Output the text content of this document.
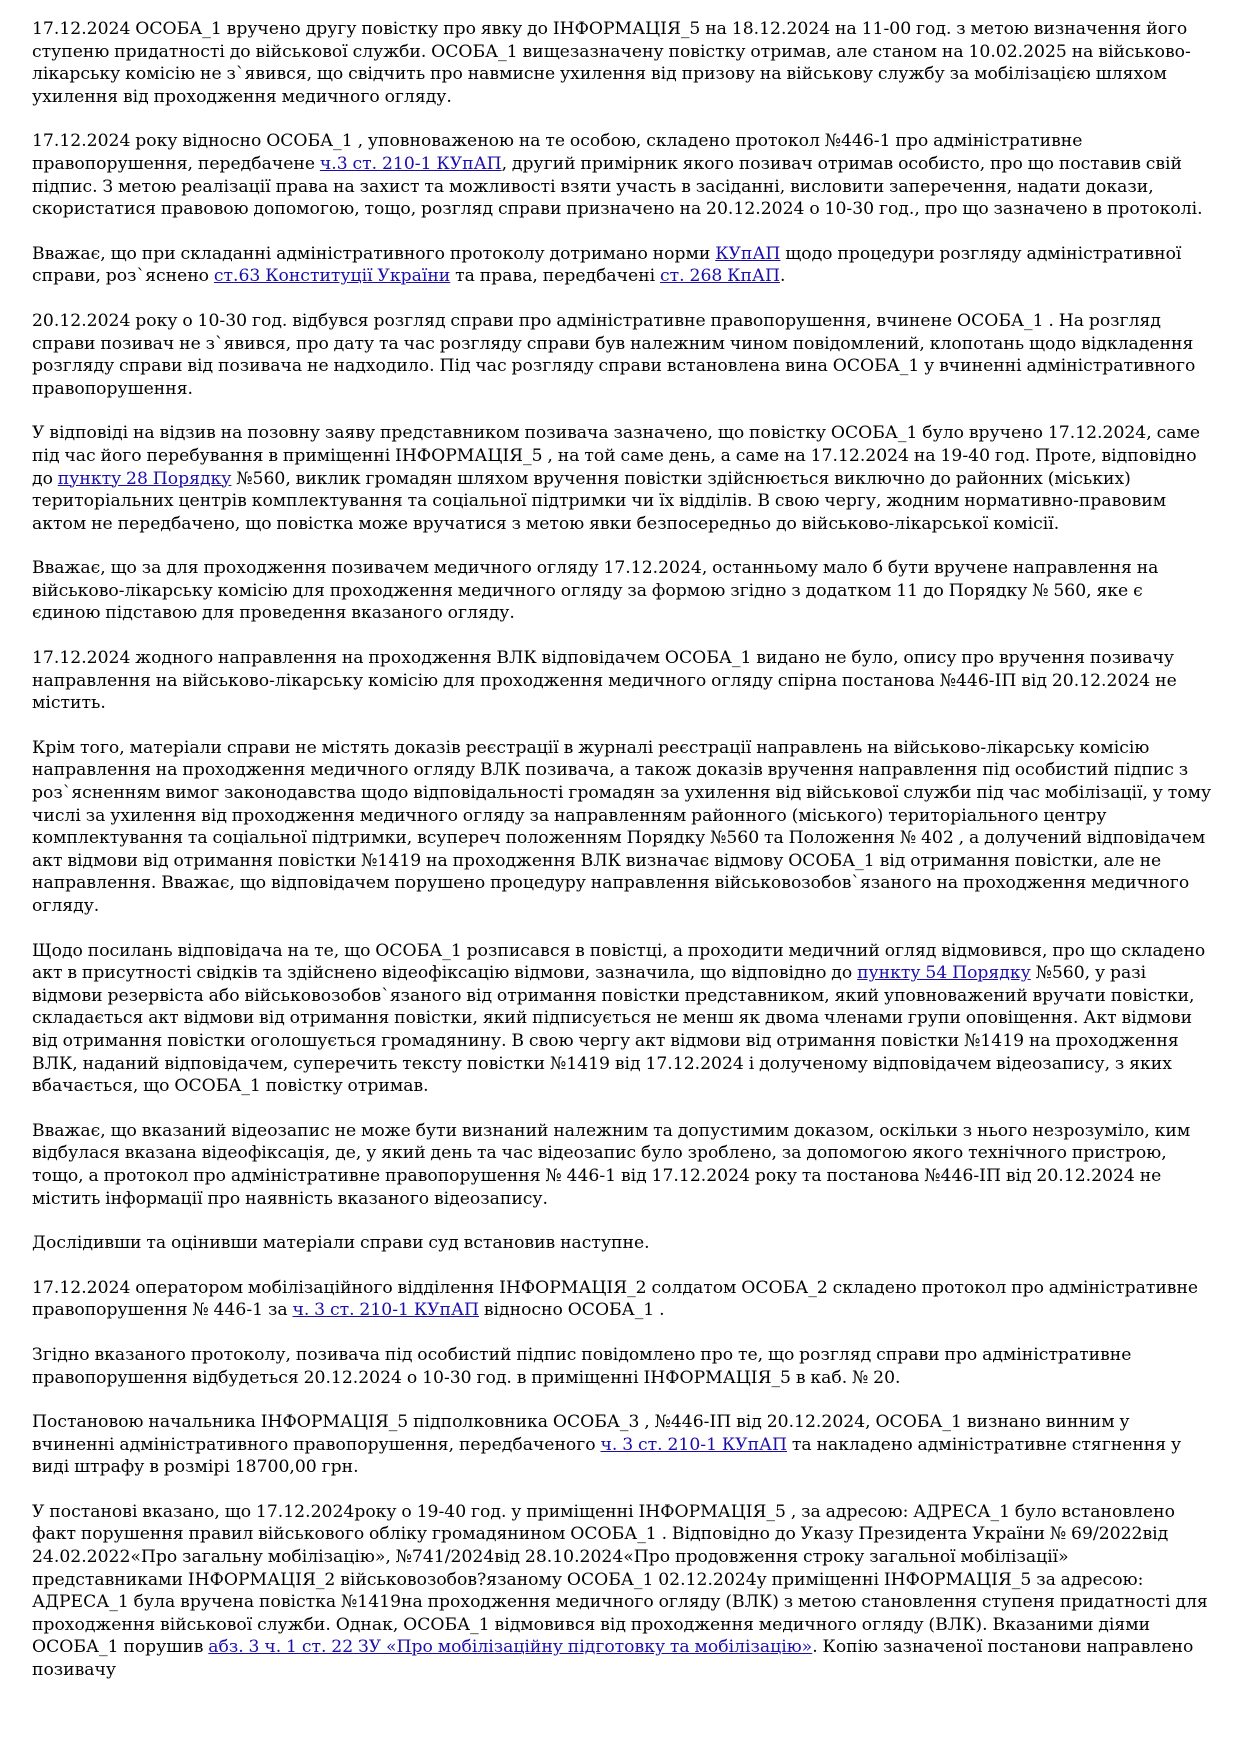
17.12.2024 ОСОБА_1 вручено другу повістку про явку до ІНФОРМАЦІЯ_5 на 18.12.2024 на 11-00 год. з метою визначення його ступеню придатності до військової служби. ОСОБА_1 вищезазначену повістку отримав, але станом на 10.02.2025 на військово- лікарську комісію не з`явився, що свідчить про навмисне ухилення від призову на військову службу за мобілізацією шляхом ухилення від проходження медичного огляду.

17.12.2024 року відносно ОСОБА_1 , уповноваженою на те особою, складено протокол №446-1 про адміністративне правопорушення, передбачене ч.3 ст. 210-1 КУпАП, другий примірник якого позивач отримав особисто, про що поставив свій підпис. З метою реалізації права на захист та можливості взяти участь в засіданні, висловити заперечення, надати докази, скористатися правовою допомогою, тощо, розгляд справи призначено на 20.12.2024 о 10-30 год., про що зазначено в протоколі.

Вважає, що при складанні адміністративного протоколу дотримано норми КУпАП щодо процедури розгляду адміністративної справи, роз`яснено ст.63 Конституції України та права, передбачені ст. 268 КпАП.

20.12.2024 року о 10-30 год. відбувся розгляд справи про адміністративне правопорушення, вчинене ОСОБА_1 . На розгляд справи позивач не з`явився, про дату та час розгляду справи був належним чином повідомлений, клопотань щодо відкладення розгляду справи від позивача не надходило. Під час розгляду справи встановлена вина ОСОБА_1 у вчиненні адміністративного правопорушення.

У відповіді на відзив на позовну заяву представником позивача зазначено, що повістку ОСОБА_1 було вручено 17.12.2024, саме під час його перебування в приміщенні ІНФОРМАЦІЯ_5 , на той саме день, а саме на 17.12.2024 на 19-40 год. Проте, відповідно до пункту 28 Порядку №560, виклик громадян шляхом вручення повістки здійснюється виключно до районних (міських) територіальних центрів комплектування та соціальної підтримки чи їх відділів. В свою чергу, жодним нормативно-правовим актом не передбачено, що повістка може вручатися з метою явки безпосередньо до військово-лікарської комісії.

Вважає, що за для проходження позивачем медичного огляду 17.12.2024, останньому мало б бути вручене направлення на військово-лікарську комісію для проходження медичного огляду за формою згідно з додатком 11 до Порядку № 560, яке є єдиною підставою для проведення вказаного огляду.

17.12.2024 жодного направлення на проходження ВЛК відповідачем ОСОБА_1 видано не було, опису про вручення позивачу направлення на військово-лікарську комісію для проходження медичного огляду спірна постанова №446-ІП від 20.12.2024 не містить.

Крім того, матеріали справи не містять доказів реєстрації в журналі реєстрації направлень на військово-лікарську комісію направлення на проходження медичного огляду ВЛК позивача, а також доказів вручення направлення під особистий підпис з роз`ясненням вимог законодавства щодо відповідальності громадян за ухилення від військової служби під час мобілізації, у тому числі за ухилення від проходження медичного огляду за направленням районного (міського) територіального центру комплектування та соціальної підтримки, всупереч положенням Порядку №560 та Положення № 402 , а долучений відповідачем акт відмови від отримання повістки №1419 на проходження ВЛК визначає відмову ОСОБА_1 від отримання повістки, але не направлення. Вважає, що відповідачем порушено процедуру направлення військовозобов`язаного на проходження медичного огляду.

Щодо посилань відповідача на те, що ОСОБА_1 розписався в повістці, а проходити медичний огляд відмовився, про що складено акт в присутності свідків та здійснено відеофіксацію відмови, зазначила, що відповідно до пункту 54 Порядку №560, у разі відмови резервіста або військовозобов`язаного від отримання повістки представником, який уповноважений вручати повістки, складається акт відмови від отримання повістки, який підписується не менш як двома членами групи оповіщення. Акт відмови від отримання повістки оголошується громадянину. В свою чергу акт відмови від отримання повістки №1419 на проходження ВЛК, наданий відповідачем, суперечить тексту повістки №1419 від 17.12.2024 і долученому відповідачем відеозапису, з яких вбачається, що ОСОБА_1 повістку отримав.

Вважає, що вказаний відеозапис не може бути визнаний належним та допустимим доказом, оскільки з нього незрозуміло, ким відбулася вказана відеофіксація, де, у який день та час відеозапис було зроблено, за допомогою якого технічного пристрою, тощо, а протокол про адміністративне правопорушення № 446-1 від 17.12.2024 року та постанова №446-ІП від 20.12.2024 не містить інформації про наявність вказаного відеозапису.

Дослідивши та оцінивши матеріали справи суд встановив наступне.

17.12.2024 оператором мобілізаційного відділення ІНФОРМАЦІЯ_2 солдатом ОСОБА_2 складено протокол про адміністративне правопорушення № 446-1 за ч. 3 ст. 210-1 КУпАП відносно ОСОБА_1 .

Згідно вказаного протоколу, позивача під особистий підпис повідомлено про те, що розгляд справи про адміністративне правопорушення відбудеться 20.12.2024 о 10-30 год. в приміщенні ІНФОРМАЦІЯ_5 в каб. № 20.

Постановою начальника ІНФОРМАЦІЯ_5 підполковника ОСОБА_3 , №446-ІП від 20.12.2024, ОСОБА_1 визнано винним у вчиненні адміністративного правопорушення, передбаченого ч. 3 ст. 210-1 КУпАП та накладено адміністративне стягнення у виді штрафу в розмірі 18700,00 грн.

У постанові вказано, що 17.12.2024року о 19-40 год. у приміщенні ІНФОРМАЦІЯ_5 , за адресою: АДРЕСА_1 було встановлено факт порушення правил військового обліку громадянином ОСОБА_1 . Відповідно до Указу Президента України № 69/2022від 24.02.2022«Про загальну мобілізацію», №741/2024від 28.10.2024«Про продовження строку загальної мобілізації» представниками ІНФОРМАЦІЯ_2 військовозобов?язаному ОСОБА_1 02.12.2024у приміщенні ІНФОРМАЦІЯ_5 за адресою: АДРЕСА_1 була вручена повістка №1419на проходження медичного огляду (ВЛК) з метою становлення ступеня придатності для проходження військової служби. Однак, ОСОБА_1 відмовився від проходження медичного огляду (ВЛК). Вказаними діями ОСОБА_1 порушив абз. 3 ч. 1 ст. 22 ЗУ «Про мобілізаційну підготовку та мобілізацію». Копію зазначеної постанови направлено позивачу
